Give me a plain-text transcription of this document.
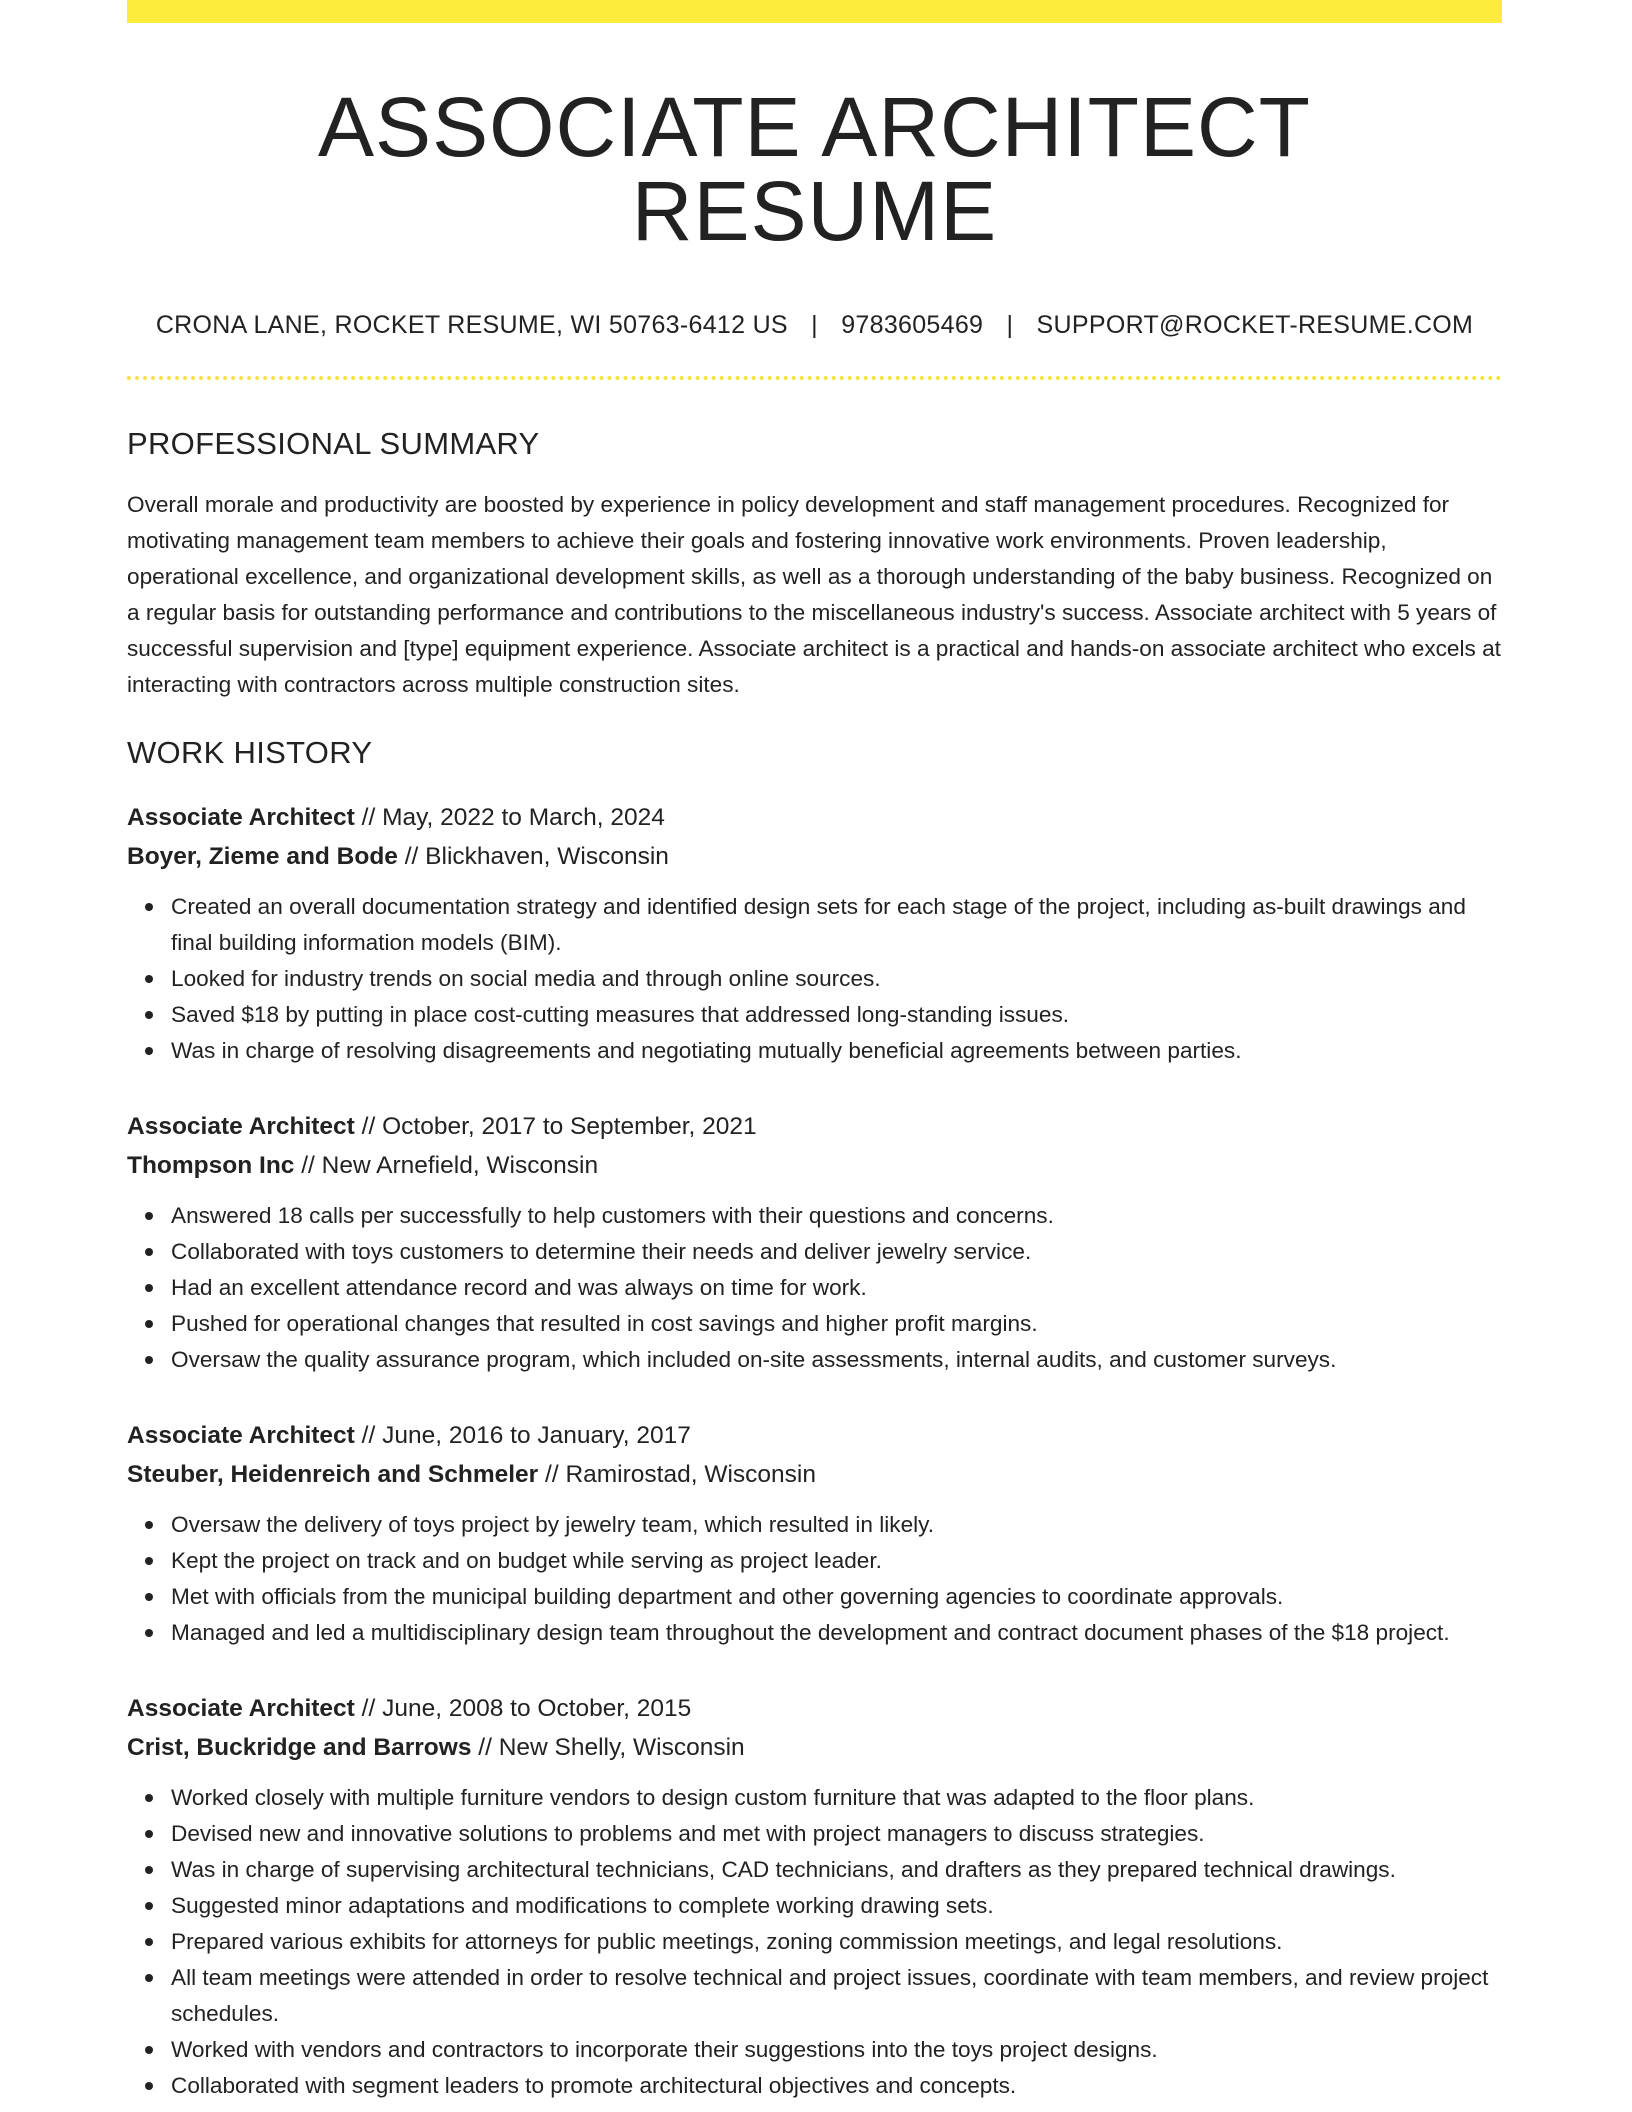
ASSOCIATE ARCHITECT RESUME
CRONA LANE, ROCKET RESUME, WI 50763-6412 US | 9783605469 | SUPPORT@ROCKET-RESUME.COM
PROFESSIONAL SUMMARY

Overall morale and productivity are boosted by experience in policy development and staff management procedures. Recognized for motivating management team members to achieve their goals and fostering innovative work environments. Proven leadership, operational excellence, and organizational development skills, as well as a thorough understanding of the baby business. Recognized on a regular basis for outstanding performance and contributions to the miscellaneous industry's success. Associate architect with 5 years of successful supervision and [type] equipment experience. Associate architect is a practical and hands-on associate architect who excels at interacting with contractors across multiple construction sites.

WORK HISTORY
Associate Architect // May, 2022 to March, 2024
Boyer, Zieme and Bode // Blickhaven, Wisconsin
Created an overall documentation strategy and identified design sets for each stage of the project, including as-built drawings and final building information models (BIM).
Looked for industry trends on social media and through online sources.
Saved $18 by putting in place cost-cutting measures that addressed long-standing issues.
Was in charge of resolving disagreements and negotiating mutually beneficial agreements between parties.
Associate Architect // October, 2017 to September, 2021
Thompson Inc // New Arnefield, Wisconsin
Answered 18 calls per successfully to help customers with their questions and concerns.
Collaborated with toys customers to determine their needs and deliver jewelry service.
Had an excellent attendance record and was always on time for work.
Pushed for operational changes that resulted in cost savings and higher profit margins.
Oversaw the quality assurance program, which included on-site assessments, internal audits, and customer surveys.
Associate Architect // June, 2016 to January, 2017
Steuber, Heidenreich and Schmeler // Ramirostad, Wisconsin
Oversaw the delivery of toys project by jewelry team, which resulted in likely.
Kept the project on track and on budget while serving as project leader.
Met with officials from the municipal building department and other governing agencies to coordinate approvals.
Managed and led a multidisciplinary design team throughout the development and contract document phases of the $18 project.
Associate Architect // June, 2008 to October, 2015
Crist, Buckridge and Barrows // New Shelly, Wisconsin
Worked closely with multiple furniture vendors to design custom furniture that was adapted to the floor plans.
Devised new and innovative solutions to problems and met with project managers to discuss strategies.
Was in charge of supervising architectural technicians, CAD technicians, and drafters as they prepared technical drawings.
Suggested minor adaptations and modifications to complete working drawing sets.
Prepared various exhibits for attorneys for public meetings, zoning commission meetings, and legal resolutions.
All team meetings were attended in order to resolve technical and project issues, coordinate with team members, and review project schedules.
Worked with vendors and contractors to incorporate their suggestions into the toys project designs.
Collaborated with segment leaders to promote architectural objectives and concepts.
